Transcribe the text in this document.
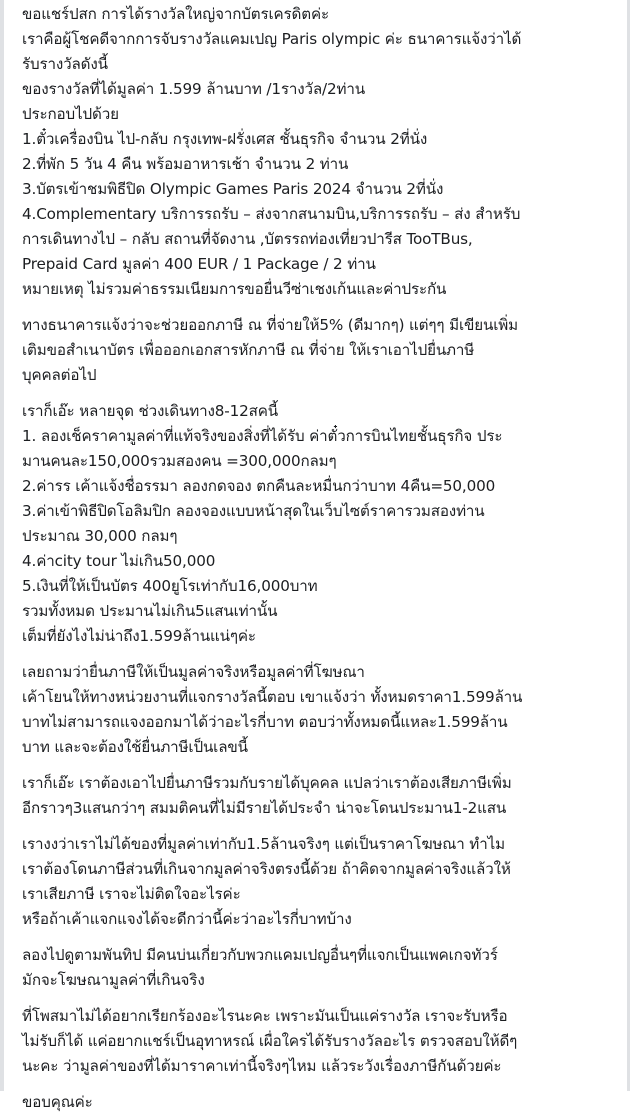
ขอแชร์ปสก การได้รางวัลใหญ่จากบัตรเครดิตค่ะ
เราคือผู้โชคดีจากการจับรางวัลแคมเปญ Paris olympic ค่ะ ธนาคารแจ้งว่าได้
รับรางวัลดังนี้
ของรางวัลที่ได้มูลค่า 1.599 ล้านบาท /1รางวัล/2ท่าน
ประกอบไปด้วย
1.ตั๋วเครื่องบิน ไป-กลับ กรุงเทพ-ฝรั่งเศส ชั้นธุรกิจ จำนวน 2ที่นั่ง
2.ที่พัก 5 วัน 4 คืน พร้อมอาหารเช้า จำนวน 2 ท่าน
3.บัตรเข้าชมพิธีปิด Olympic Games Paris 2024 จำนวน 2ที่นั่ง
4.Complementary บริการรถรับ – ส่งจากสนามบิน,บริการรถรับ – ส่ง สำหรับ
การเดินทางไป – กลับ สถานที่จัดงาน ,บัตรรถท่องเที่ยวปารีส TooTBus,
Prepaid Card มูลค่า 400 EUR / 1 Package / 2 ท่าน
หมายเหตุ ไม่รวมค่าธรรมเนียมการขอยื่นวีซ่าเชงเก้นและค่าประกัน
ทางธนาคารแจ้งว่าจะช่วยออกภาษี ณ ที่จ่ายให้5% (ดีมากๆ) แต่ๆๆ มีเขียนเพิ่ม
เติมขอสำเนาบัตร เพื่อออกเอกสารหักภาษี ณ ที่จ่าย ให้เราเอาไปยื่นภาษี
บุคคลต่อไป
เราก็เอ๊ะ หลายจุด ช่วงเดินทาง8-12สคนี้
1. ลองเช็คราคามูลค่าที่แท้จริงของสิ่งที่ได้รับ ค่าตั๋วการบินไทยชั้นธุรกิจ ประ
มานคนละ150,000รวมสองคน =300,000กลมๆ
2.ค่ารร เค้าแจ้งชื่อรรมา ลองกดจอง ตกคืนละหมื่นกว่าบาท 4คืน=50,000
3.ค่าเข้าพิธีปิดโอลิมปิก ลองจองแบบหน้าสุดในเว็บไซต์ราคารวมสองท่าน
ประมาณ 30,000 กลมๆ
4.ค่าcity tour ไม่เกิน50,000
5.เงินที่ให้เป็นบัตร 400ยูโรเท่ากับ16,000บาท
รวมทั้งหมด ประมานไม่เกิน5แสนเท่านั้น
เต็มที่ยังไงไม่น่าถึง1.599ล้านแน่ๆค่ะ
เลยถามว่ายื่นภาษีให้เป็นมูลค่าจริงหรือมูลค่าที่โฆษณา
เค้าโยนให้ทางหน่วยงานที่แจกรางวัลนี้ตอบ เขาแจ้งว่า ทั้งหมดราคา1.599ล้าน
บาทไม่สามารถแจงออกมาได้ว่าอะไรกี่บาท ตอบว่าทั้งหมดนี้แหละ1.599ล้าน
บาท และจะต้องใช้ยื่นภาษีเป็นเลขนี้
เราก็เอ๊ะ เราต้องเอาไปยื่นภาษีรวมกับรายได้บุคคล แปลว่าเราต้องเสียภาษีเพิ่ม
อีกราวๆ3แสนกว่าๆ สมมติคนที่ไม่มีรายได้ประจำ น่าจะโดนประมาน1-2แสน
เรางงว่าเราไม่ได้ของที่มูลค่าเท่ากับ1.5ล้านจริงๆ แต่เป็นราคาโฆษณา ทำไม
เราต้องโดนภาษีส่วนที่เกินจากมูลค่าจริงตรงนี้ด้วย ถ้าคิดจากมูลค่าจริงแล้วให้
เราเสียภาษี เราจะไม่ติดใจอะไรค่ะ
หรือถ้าเค้าแจกแจงได้จะดีกว่านี้ค่ะว่าอะไรกี่บาทบ้าง
ลองไปดูตามพันทิป มีคนบ่นเกี่ยวกับพวกแคมเปญอื่นๆที่แจกเป็นแพคเกจทัวร์
มักจะโฆษณามูลค่าที่เกินจริง
ที่โพสมาไม่ได้อยากเรียกร้องอะไรนะคะ เพราะมันเป็นแค่รางวัล เราจะรับหรือ
ไม่รับก็ได้ แค่อยากแชร์เป็นอุทาหรณ์ เผื่อใครได้รับรางวัลอะไร ตรวจสอบให้ดีๆ
นะคะ ว่ามูลค่าของที่ได้มาราคาเท่านี้จริงๆไหม แล้วระวังเรื่องภาษีกันด้วยค่ะ
ขอบคุณค่ะ
